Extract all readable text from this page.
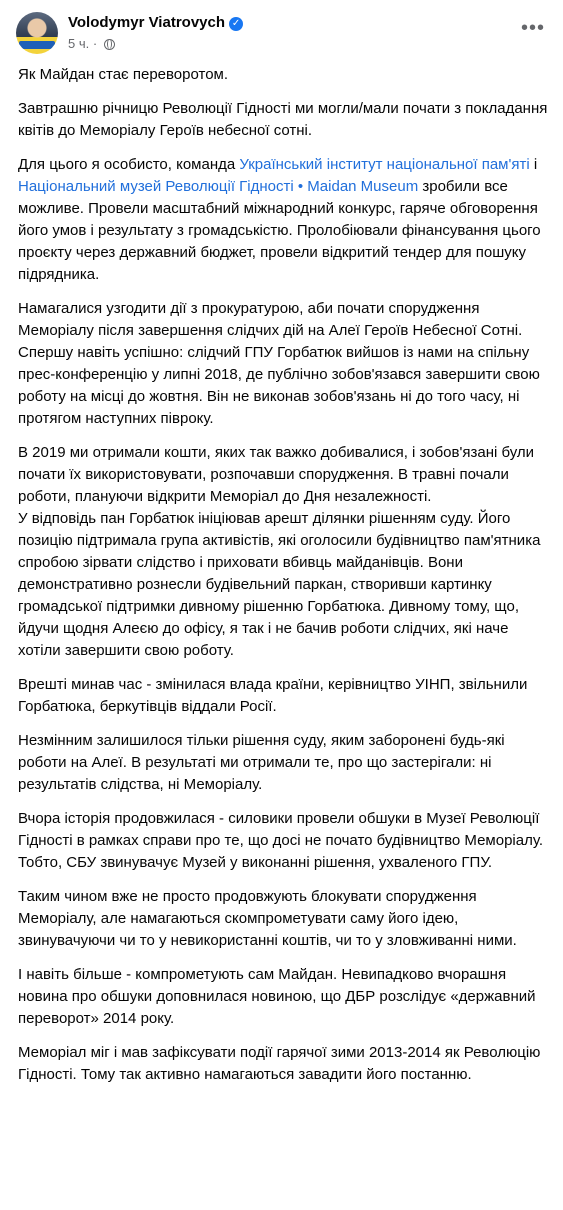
Volodymyr Viatrovych ✓
5 ч. ·
•••

Як Майдан стає переворотом.

Завтрашню річницю Революції Гідності ми могли/мали почати з покладання квітів до Меморіалу Героїв небесної сотні.

Для цього я особисто, команда Український інститут національної пам'яті і Національний музей Революції Гідності • Maidan Museum зробили все можливе. Провели масштабний міжнародний конкурс, гаряче обговорення його умов і результату з громадськістю. Пролобіювали фінансування цього проєкту через державний бюджет, провели відкритий тендер для пошуку підрядника.

Намагалися узгодити дії з прокуратурою, аби почати спорудження Меморіалу після завершення слідчих дій на Алеї Героїв Небесної Сотні. Спершу навіть успішно: слідчий ГПУ Горбатюк вийшов із нами на спільну прес-конференцію у липні 2018, де публічно зобов'язався завершити свою роботу на місці до жовтня. Він не виконав зобов'язань ні до того часу, ні протягом наступних півроку.

В 2019 ми отримали кошти, яких так важко добивалися, і зобов'язані були почати їх використовувати, розпочавши спорудження. В травні почали роботи, плануючи відкрити Меморіал до Дня незалежності.
У відповідь пан Горбатюк ініціював арешт ділянки рішенням суду. Його позицію підтримала група активістів, які оголосили будівництво пам'ятника спробою зірвати слідство і приховати вбивць майданівців. Вони демонстративно рознесли будівельний паркан, створивши картинку громадської підтримки дивному рішенню Горбатюка. Дивному тому, що, йдучи щодня Алеєю до офісу, я так і не бачив роботи слідчих, які наче хотіли завершити свою роботу.

Врешті минав час - змінилася влада країни, керівництво УІНП, звільнили Горбатюка, беркутівців віддали Росії.

Незмінним залишилося тільки рішення суду, яким заборонені будь-які роботи на Алеї. В результаті ми отримали те, про що застерігали: ні результатів слідства, ні Меморіалу.

Вчора історія продовжилася - силовики провели обшуки в Музеї Революції Гідності в рамках справи про те, що досі не почато будівництво Меморіалу. Тобто, СБУ звинувачує Музей у виконанні рішення, ухваленого ГПУ.

Таким чином вже не просто продовжують блокувати спорудження Меморіалу, але намагаються скомпрометувати саму його ідею, звинувачуючи чи то у невикористанні коштів, чи то у зловживанні ними.

І навіть більше - компрометують сам Майдан. Невипадково вчорашня новина про обшуки доповнилася новиною, що ДБР розслідує «державний переворот» 2014 року.

Меморіал міг і мав зафіксувати події гарячої зими 2013-2014 як Революцію Гідності. Тому так активно намагаються завадити його постанню.
